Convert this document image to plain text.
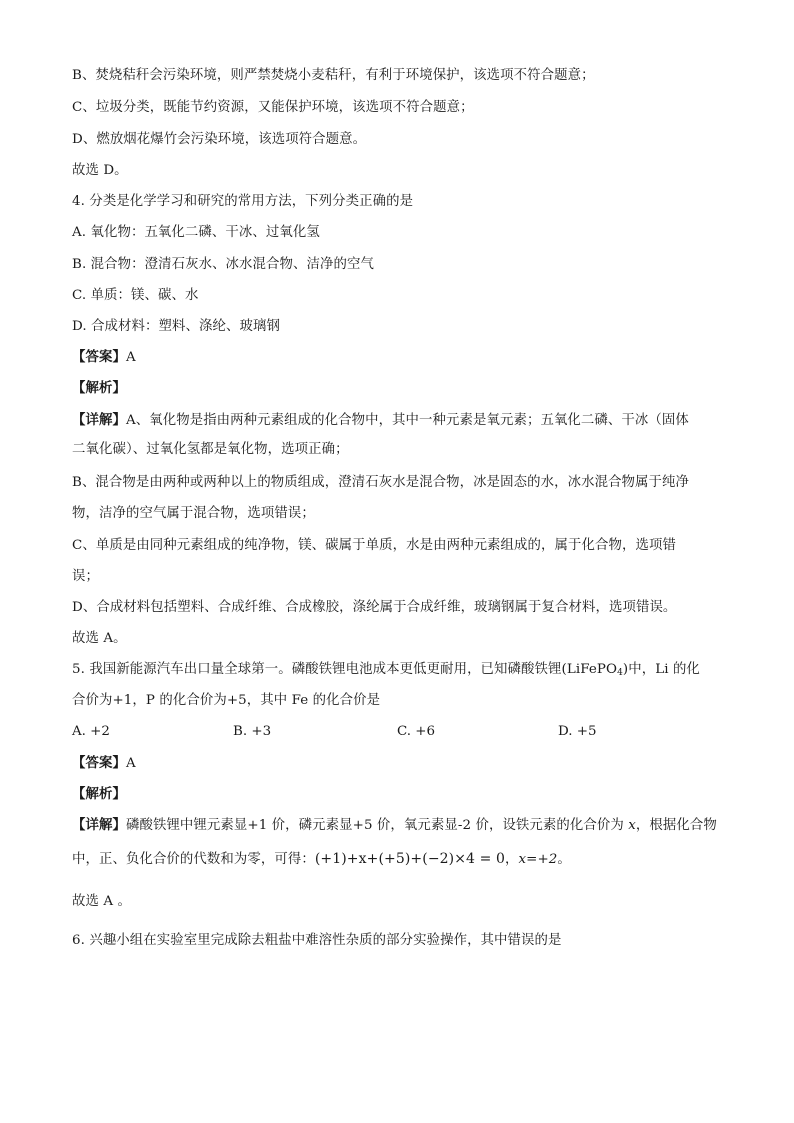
B、焚烧秸秆会污染环境，则严禁焚烧小麦秸秆，有利于环境保护，该选项不符合题意；
C、垃圾分类，既能节约资源，又能保护环境，该选项不符合题意；
D、燃放烟花爆竹会污染环境，该选项符合题意。
故选 D。
4. 分类是化学学习和研究的常用方法，下列分类正确的是
A. 氧化物：五氧化二磷、干冰、过氧化氢
B. 混合物：澄清石灰水、冰水混合物、洁净的空气
C. 单质：镁、碳、水
D. 合成材料：塑料、涤纶、玻璃钢
【答案】A
【解析】
【详解】A、氧化物是指由两种元素组成的化合物中，其中一种元素是氧元素；五氧化二磷、干冰（固体
二氧化碳）、过氧化氢都是氧化物，选项正确；
B、混合物是由两种或两种以上的物质组成，澄清石灰水是混合物，冰是固态的水，冰水混合物属于纯净
物，洁净的空气属于混合物，选项错误；
C、单质是由同种元素组成的纯净物，镁、碳属于单质，水是由两种元素组成的，属于化合物，选项错
误；
D、合成材料包括塑料、合成纤维、合成橡胶，涤纶属于合成纤维，玻璃钢属于复合材料，选项错误。
故选 A。
5. 我国新能源汽车出口量全球第一。磷酸铁锂电池成本更低更耐用，已知磷酸铁锂(LiFePO$_4$)中，Li 的化
合价为+1，P 的化合价为+5，其中 Fe 的化合价是
A. +2	B. +3	C. +6	D. +5
【答案】A
【解析】
【详解】磷酸铁锂中锂元素显+1 价，磷元素显+5 价，氧元素显-2 价，设铁元素的化合价为 x，根据化合物
中，正、负化合价的代数和为零，可得：(+1)+x+(+5)+(−2)×4 = 0，x=+2。
故选 A 。
6. 兴趣小组在实验室里完成除去粗盐中难溶性杂质的部分实验操作，其中错误的是
